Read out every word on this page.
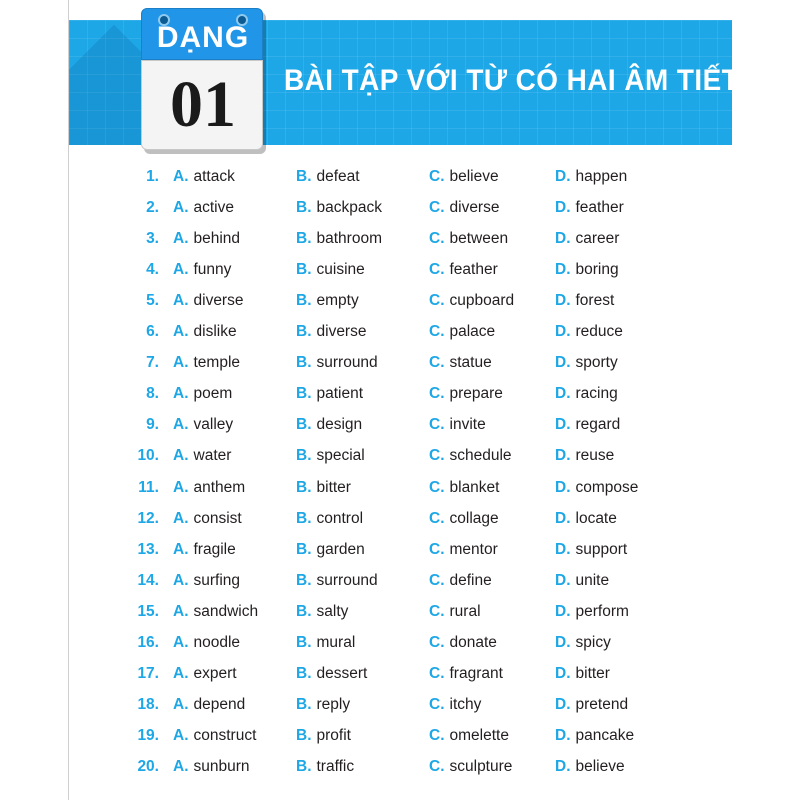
BÀI TẬP VỚI TỪ CÓ HAI ÂM TIẾT
DẠNG
01
1. A. attack	B. defeat	C. believe	D. happen
2. A. active	B. backpack	C. diverse	D. feather
3. A. behind	B. bathroom	C. between	D. career
4. A. funny	B. cuisine	C. feather	D. boring
5. A. diverse	B. empty	C. cupboard	D. forest
6. A. dislike	B. diverse	C. palace	D. reduce
7. A. temple	B. surround	C. statue	D. sporty
8. A. poem	B. patient	C. prepare	D. racing
9. A. valley	B. design	C. invite	D. regard
10. A. water	B. special	C. schedule	D. reuse
11. A. anthem	B. bitter	C. blanket	D. compose
12. A. consist	B. control	C. collage	D. locate
13. A. fragile	B. garden	C. mentor	D. support
14. A. surfing	B. surround	C. define	D. unite
15. A. sandwich B. salty	C. rural	D. perform
16. A. noodle	B. mural	C. donate	D. spicy
17. A. expert	B. dessert	C. fragrant	D. bitter
18. A. depend	B. reply	C. itchy	D. pretend
19. A. construct	B. profit	C. omelette	D. pancake
20. A. sunburn	B. traffic	C. sculpture	D. believe
